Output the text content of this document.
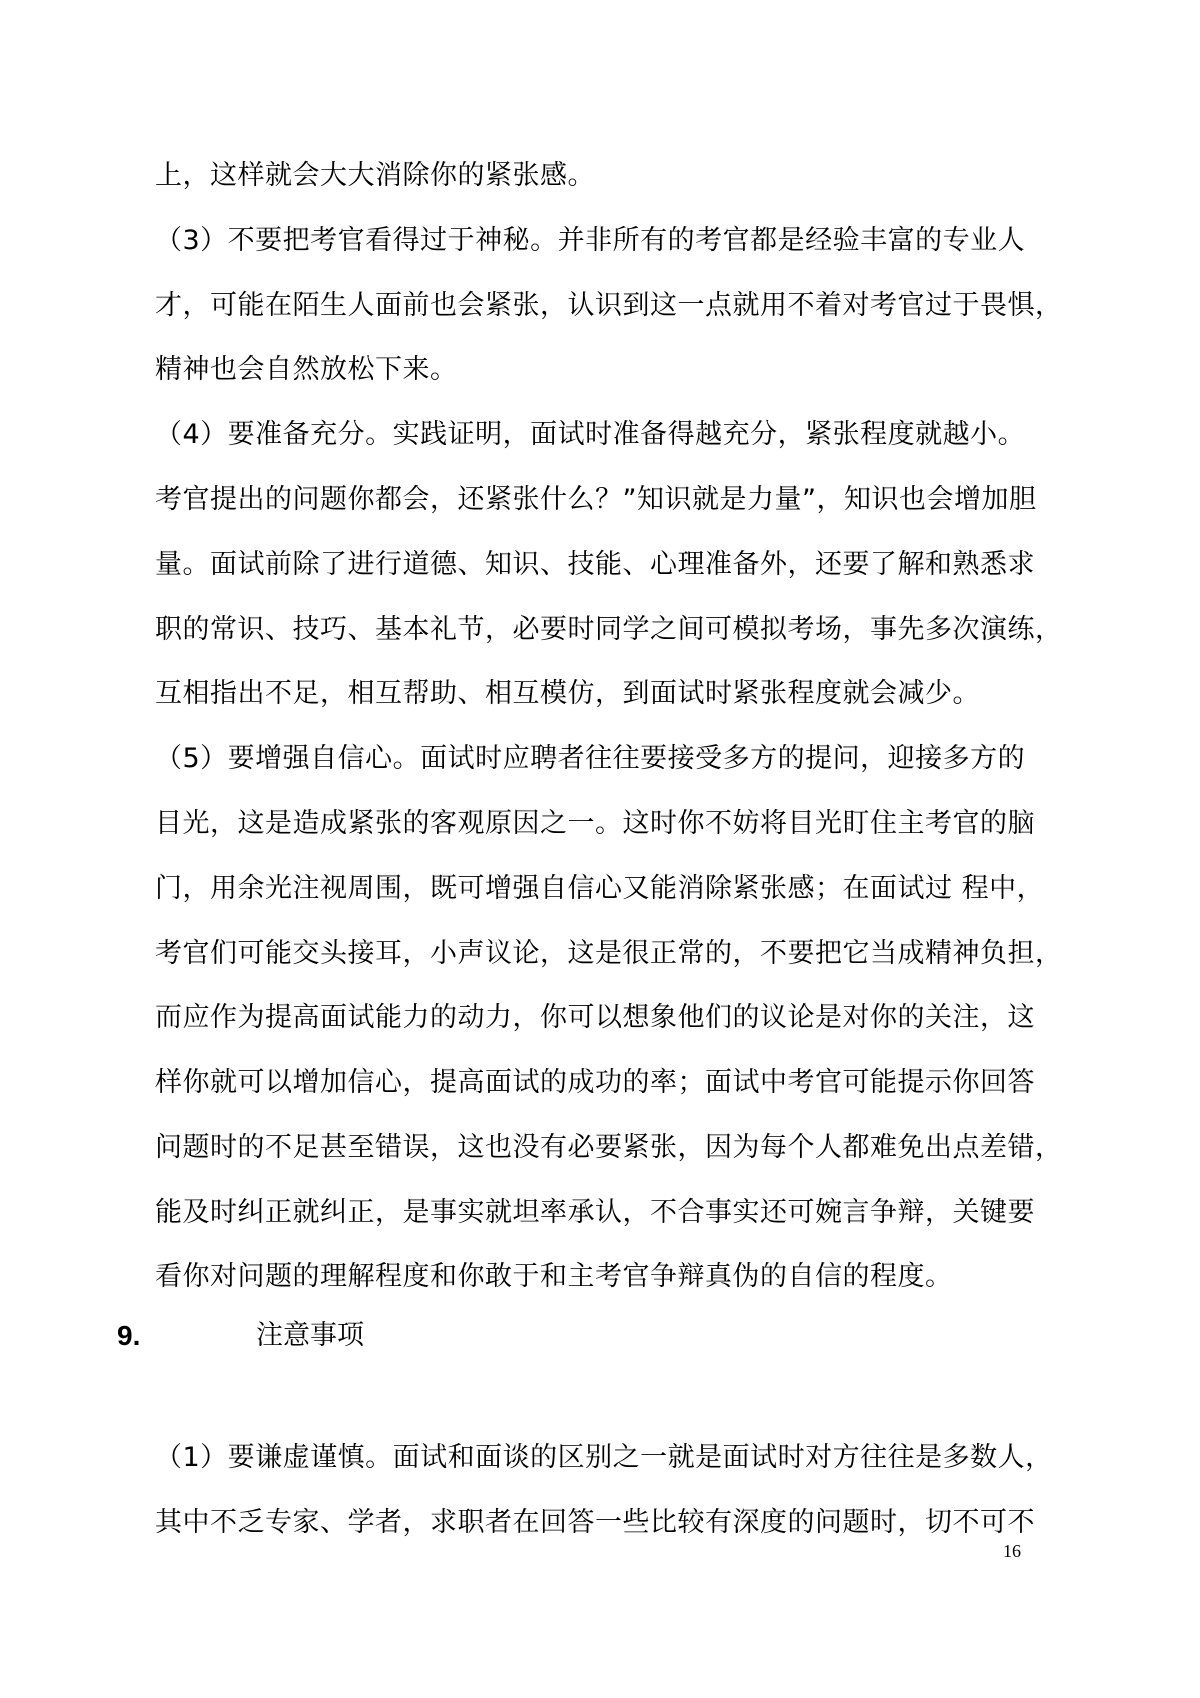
上，这样就会大大消除你的紧张感。
（3）不要把考官看得过于神秘。并非所有的考官都是经验丰富的专业人
才，可能在陌生人面前也会紧张，认识到这一点就用不着对考官过于畏惧，
精神也会自然放松下来。
（4）要准备充分。实践证明，面试时准备得越充分，紧张程度就越小。
考官提出的问题你都会，还紧张什么？”知识就是力量”，知识也会增加胆
量。面试前除了进行道德、知识、技能、心理准备外，还要了解和熟悉求
职的常识、技巧、基本礼节，必要时同学之间可模拟考场，事先多次演练，
互相指出不足，相互帮助、相互模仿，到面试时紧张程度就会减少。
（5）要增强自信心。面试时应聘者往往要接受多方的提问，迎接多方的
目光，这是造成紧张的客观原因之一。这时你不妨将目光盯住主考官的脑
门，用余光注视周围，既可增强自信心又能消除紧张感；在面试过 程中，
考官们可能交头接耳，小声议论，这是很正常的，不要把它当成精神负担，
而应作为提高面试能力的动力，你可以想象他们的议论是对你的关注，这
样你就可以增加信心，提高面试的成功的率；面试中考官可能提示你回答
问题时的不足甚至错误，这也没有必要紧张，因为每个人都难免出点差错，
能及时纠正就纠正，是事实就坦率承认，不合事实还可婉言争辩，关键要
看你对问题的理解程度和你敢于和主考官争辩真伪的自信的程度。
9.	注意事项
（1）要谦虚谨慎。面试和面谈的区别之一就是面试时对方往往是多数人，
其中不乏专家、学者，求职者在回答一些比较有深度的问题时，切不可不
16
